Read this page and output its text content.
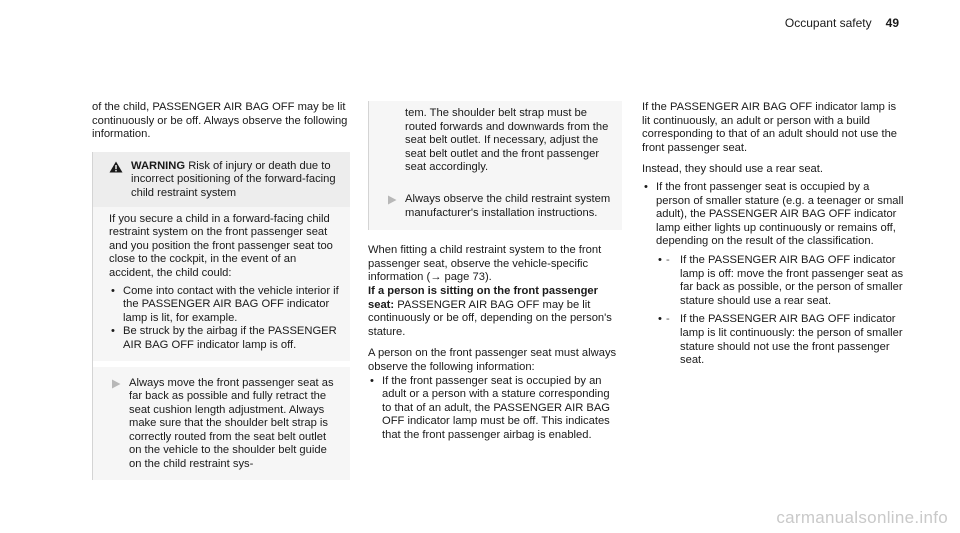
Occupant safety 49

of the child, PASSENGER AIR BAG OFF may be lit continuously or be off. Always observe the following information.

WARNING Risk of injury or death due to incorrect positioning of the forward-facing child restraint system

If you secure a child in a forward-facing child restraint system on the front passenger seat and you position the front passenger seat too close to the cockpit, in the event of an accident, the child could:

• Come into contact with the vehicle interior if the PASSENGER AIR BAG OFF indicator lamp is lit, for example.
• Be struck by the airbag if the PASSENGER AIR BAG OFF indicator lamp is off.
Always move the front passenger seat as far back as possible and fully retract the seat cushion length adjustment. Always make sure that the shoulder belt strap is correctly routed from the seat belt outlet on the vehicle to the shoulder belt guide on the child restraint sys-
tem. The shoulder belt strap must be routed forwards and downwards from the seat belt outlet. If necessary, adjust the seat belt outlet and the front passenger seat accordingly.
Always observe the child restraint system manufacturer's installation instructions.

When fitting a child restraint system to the front passenger seat, observe the vehicle-specific information (→ page 73).

If a person is sitting on the front passenger seat: PASSENGER AIR BAG OFF may be lit continuously or be off, depending on the person's stature.

A person on the front passenger seat must always observe the following information:

• If the front passenger seat is occupied by an adult or a person with a stature corresponding to that of an adult, the PASSENGER AIR BAG OFF indicator lamp must be off. This indicates that the front passenger airbag is enabled.

If the PASSENGER AIR BAG OFF indicator lamp is lit continuously, an adult or person with a build corresponding to that of an adult should not use the front passenger seat.

Instead, they should use a rear seat.

• If the front passenger seat is occupied by a person of smaller stature (e.g. a teenager or small adult), the PASSENGER AIR BAG OFF indicator lamp either lights up continuously or remains off, depending on the result of the classification.
• - If the PASSENGER AIR BAG OFF indicator lamp is off: move the front passenger seat as far back as possible, or the person of smaller stature should use a rear seat.
• - If the PASSENGER AIR BAG OFF indicator lamp is lit continuously: the person of smaller stature should not use the front passenger seat.
carmanualsonline.info
